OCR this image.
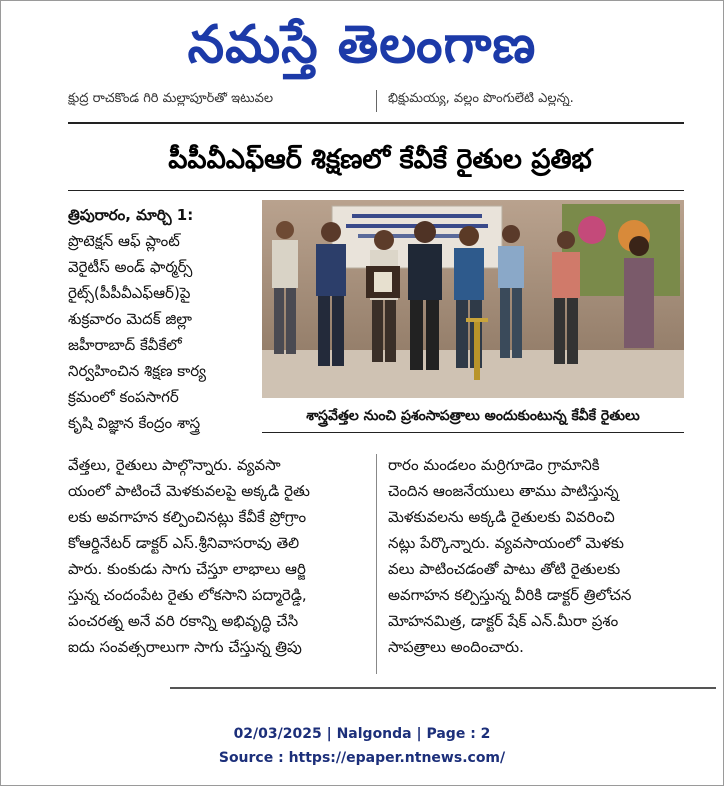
నమస్తే తెలంగాణ
క్షుద్ర రాచకొండ గిరి మల్లాపూర్‌తో ఇటువల	భిక్షుమయ్య, వల్లం పొంగులేటి ఎల్లన్న.
పీపీవీఎఫ్‌ఆర్‌ శిక్షణలో కేవీకే రైతుల ప్రతిభ
త్రిపురారం, మార్చి 1:
ప్రొటెక్షన్‌ ఆఫ్‌ ప్లాంట్‌
వెరైటీస్‌ అండ్‌ ఫార్మర్స్‌
రైట్స్‌(పీపీవీఎఫ్‌ఆర్‌)పై
శుక్రవారం మెదక్‌ జిల్లా
జహీరాబాద్‌ కేవీకేలో
నిర్వహించిన శిక్షణ కార్య
క్రమంలో కంపసాగర్‌
కృషి విజ్ఞాన కేంద్రం శాస్త్ర	శాస్త్రవేత్తల నుంచి ప్రశంసాపత్రాలు అందుకుంటున్న కేవీకే రైతులు
వేత్తలు, రైతులు పాల్గొన్నారు. వ్యవసా
యంలో పాటించే మెళకువలపై అక్కడి రైతు
లకు అవగాహన కల్పించినట్లు కేవీకే ప్రోగ్రాం
కోఆర్డినేటర్‌ డాక్టర్‌ ఎస్‌.శ్రీనివాసరావు తెలి
పారు. కుంకుడు సాగు చేస్తూ లాభాలు ఆర్జి
స్తున్న చందంపేట రైతు లోకసాని పద్మారెడ్డి,
పంచరత్న అనే వరి రకాన్ని అభివృద్ధి చేసి
ఐదు సంవత్సరాలుగా సాగు చేస్తున్న త్రిపు
రారం మండలం మర్రిగూడెం గ్రామానికి
చెందిన ఆంజనేయులు తాము పాటిస్తున్న
మెళకువలను అక్కడి రైతులకు వివరించి
నట్లు పేర్కొన్నారు. వ్యవసాయంలో మెళకు
వలు పాటించడంతో పాటు తోటి రైతులకు
అవగాహన కల్పిస్తున్న వీరికి డాక్టర్‌ త్రిలోచన
మోహనమిత్ర, డాక్టర్‌ షేక్‌ ఎన్‌.మీరా ప్రశం
సాపత్రాలు అందించారు.
02/03/2025 | Nalgonda | Page : 2
Source : https://epaper.ntnews.com/
